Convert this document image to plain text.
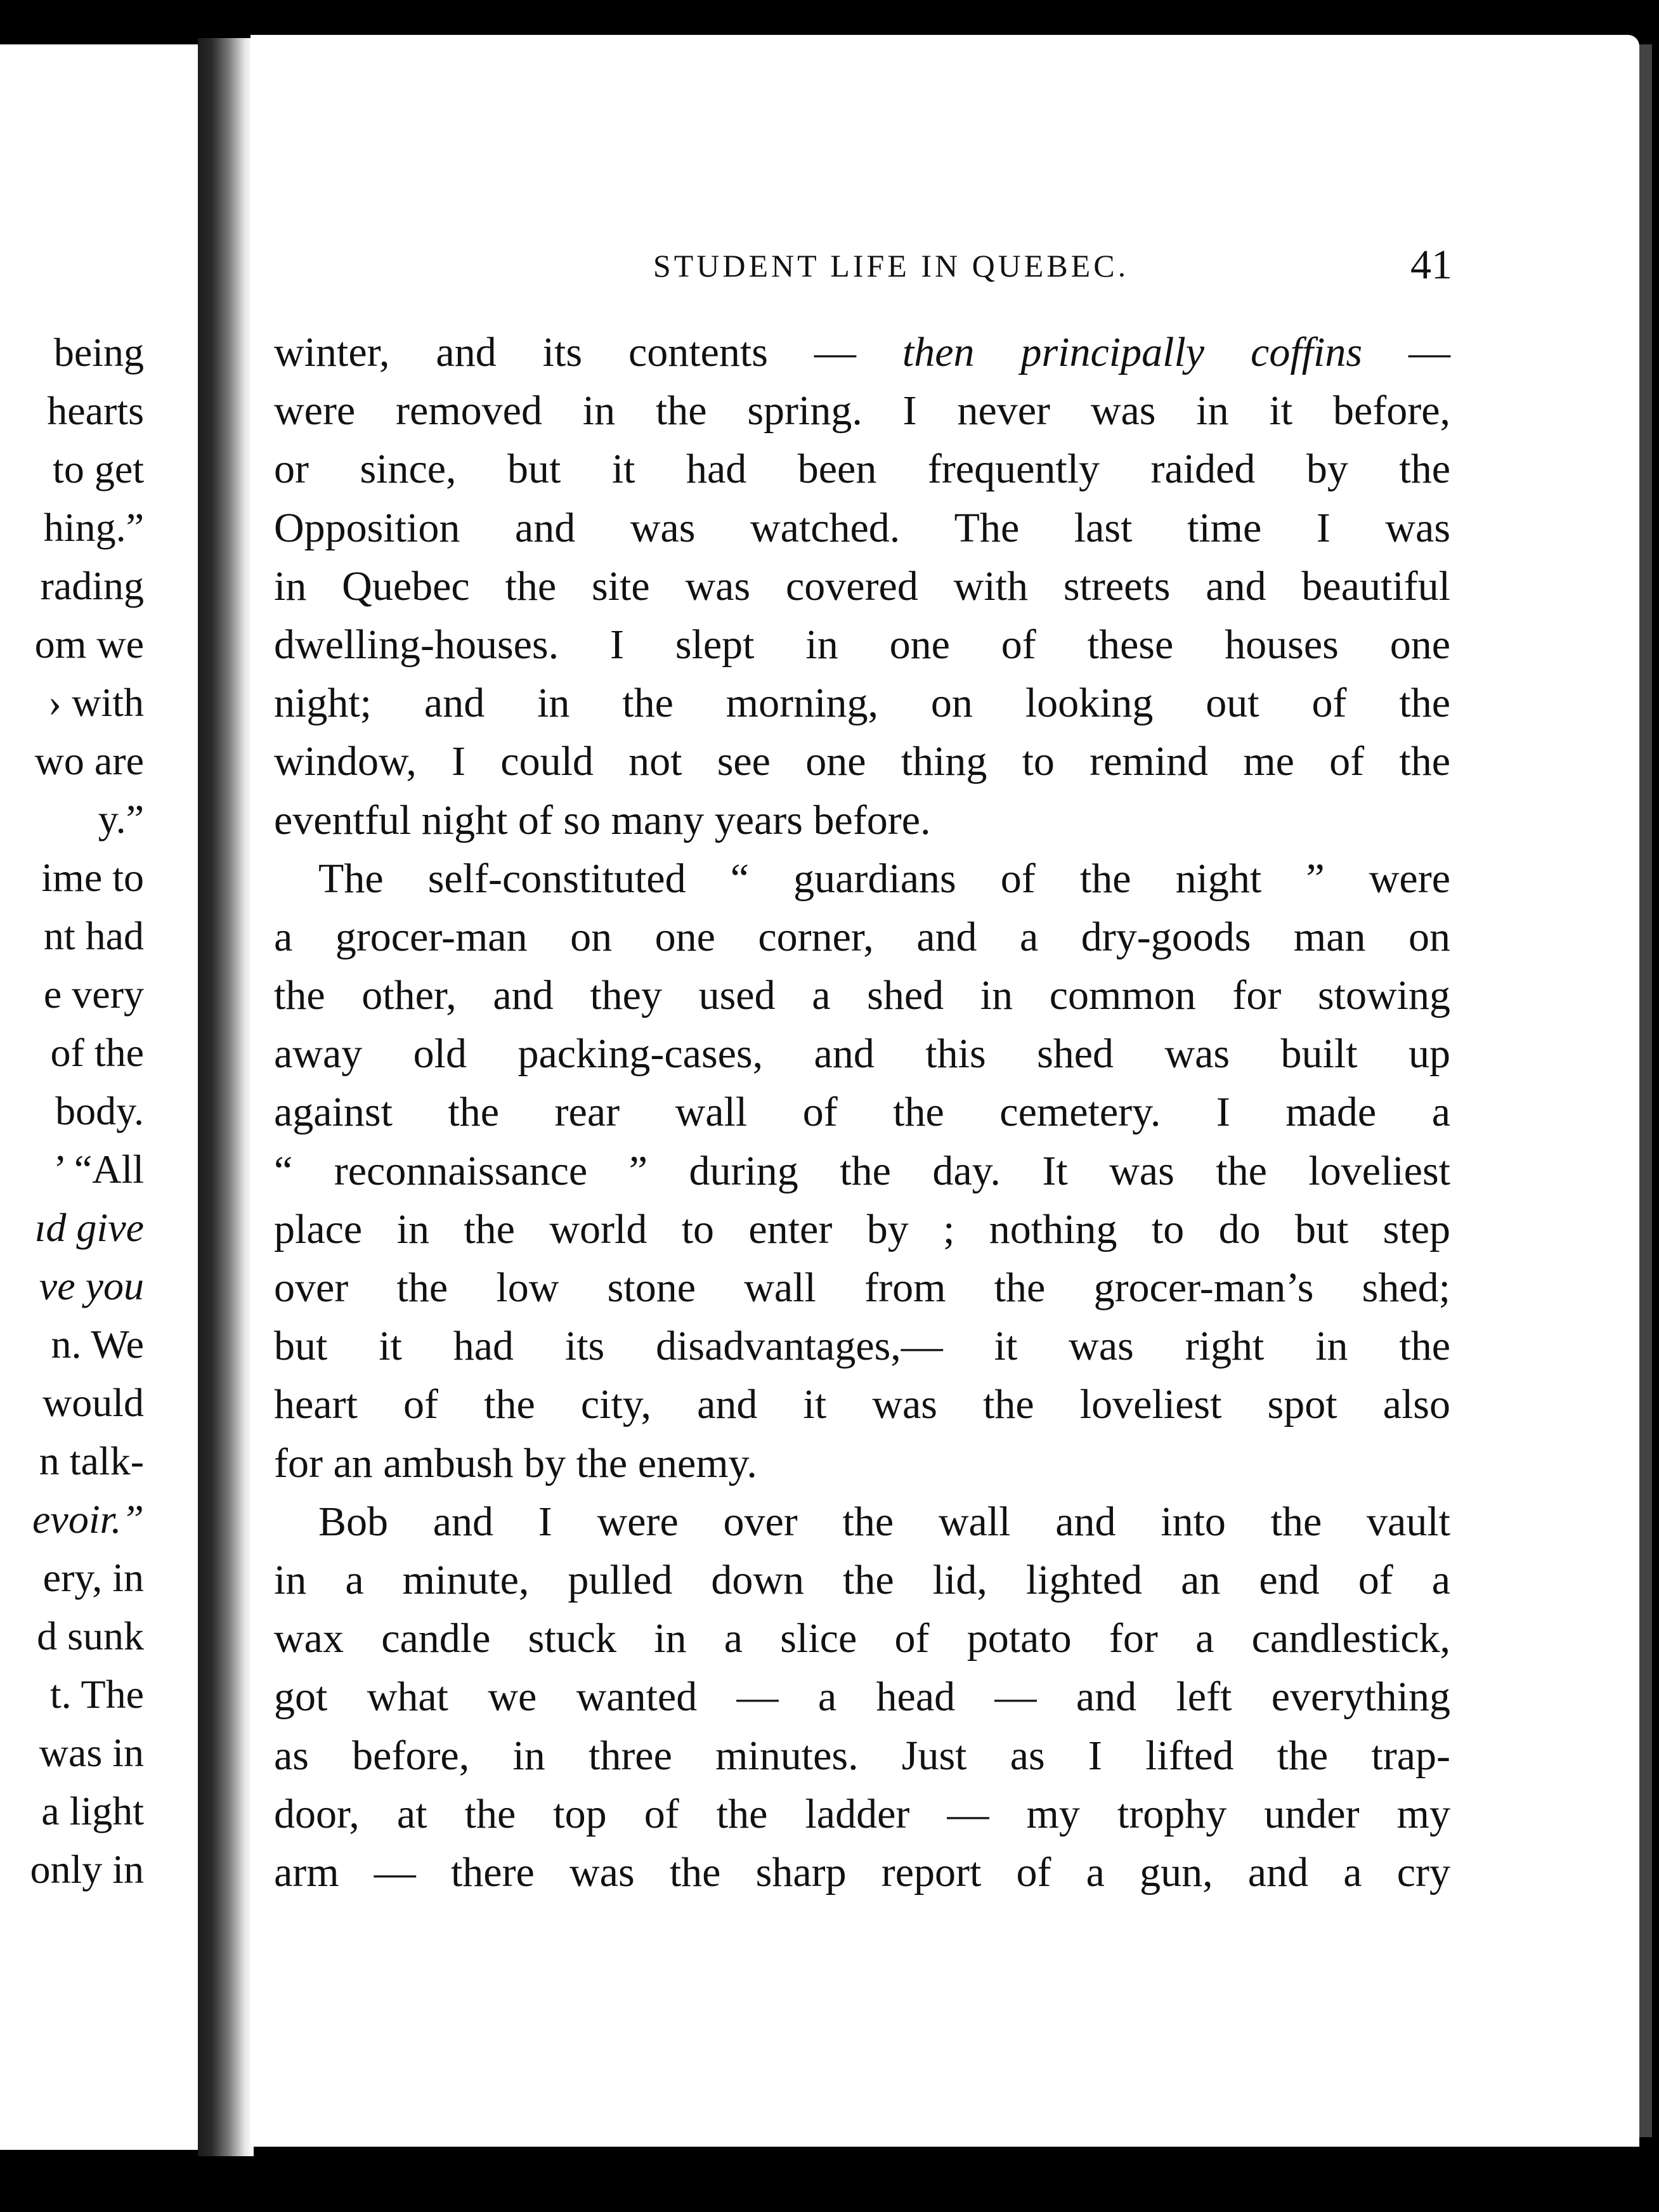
being
hearts
to get
hing.”
rading
om we
› with
wo are
y.”
ime to
nt had
e very
of the
body.
’ “All
ıd give
ve you
n. We
would
n talk-
evoir.”
ery, in
d sunk
t. The
was in
a light
only in
STUDENT LIFE IN QUEBEC.	41
winter, and its contents — then principally coffins —
were removed in the spring. I never was in it before,
or since, but it had been frequently raided by the
Opposition and was watched. The last time I was
in Quebec the site was covered with streets and beautiful
dwelling-houses. I slept in one of these houses one
night; and in the morning, on looking out of the
window, I could not see one thing to remind me of the
eventful night of so many years before.
The self-constituted “ guardians of the night ” were
a grocer-man on one corner, and a dry-goods man on
the other, and they used a shed in common for stowing
away old packing-cases, and this shed was built up
against the rear wall of the cemetery. I made a
“ reconnaissance ” during the day. It was the loveliest
place in the world to enter by ; nothing to do but step
over the low stone wall from the grocer-man’s shed;
but it had its disadvantages,— it was right in the
heart of the city, and it was the loveliest spot also
for an ambush by the enemy.
Bob and I were over the wall and into the vault
in a minute, pulled down the lid, lighted an end of a
wax candle stuck in a slice of potato for a candlestick,
got what we wanted — a head — and left everything
as before, in three minutes. Just as I lifted the trap-
door, at the top of the ladder — my trophy under my
arm — there was the sharp report of a gun, and a cry
